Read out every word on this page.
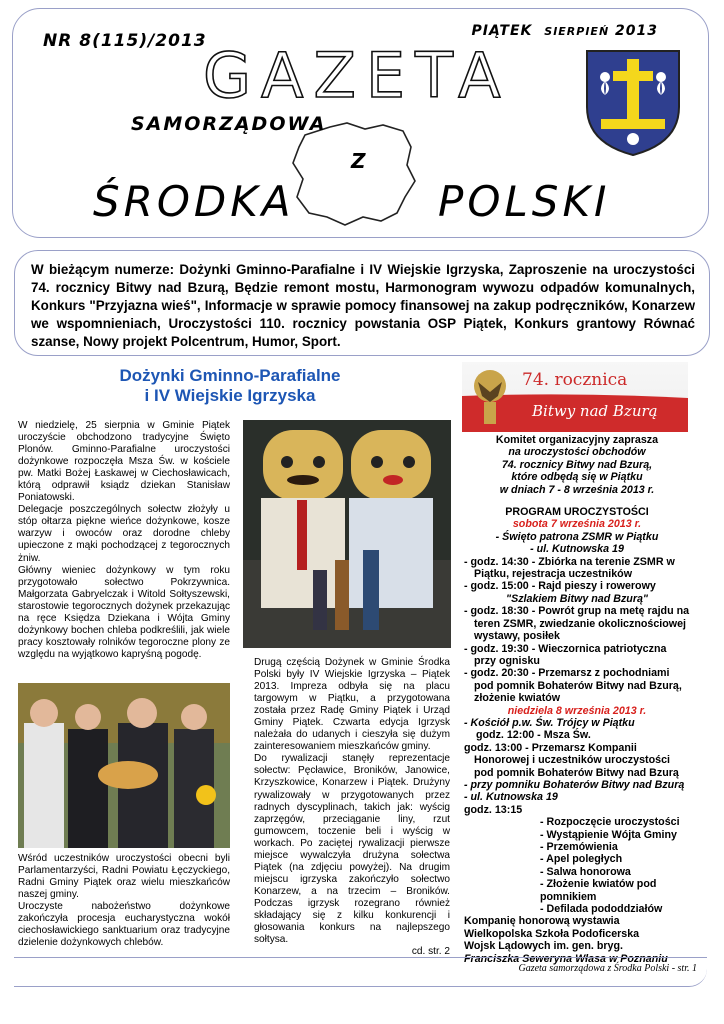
NR 8(115)/2013	PIĄTEK SIERPIEŃ 2013
GAZETA
SAMORZĄDOWA
Z
ŚRODKA	POLSKI
W bieżącym numerze: Dożynki Gminno-Parafialne i IV Wiejskie Igrzyska, Zaproszenie na uroczystości 74. rocznicy Bitwy nad Bzurą, Będzie remont mostu, Harmonogram wywozu odpadów komunalnych, Konkurs "Przyjazna wieś", Informacje w sprawie pomocy finansowej na zakup podręczników, Konarzew we wspomnieniach, Uroczystości 110. rocznicy powstania OSP Piątek, Konkurs grantowy Równać szanse, Nowy projekt Polcentrum, Humor, Sport.
Dożynki Gminno-Parafialne
i IV Wiejskie Igrzyska

W niedzielę, 25 sierpnia w Gminie Piątek uroczyście obchodzono tradycyjne Święto Plonów. Gminno-Parafialne uroczystości dożynkowe rozpoczęła Msza Św. w kościele pw. Matki Bożej Łaskawej w Ciechosławicach, którą odprawił ksiądz dziekan Stanisław Poniatowski.

Delegacje poszczególnych sołectw złożyły u stóp ołtarza piękne wieńce dożynkowe, kosze warzyw i owoców oraz dorodne chleby upieczone z mąki pochodzącej z tegorocznych żniw.

Główny wieniec dożynkowy w tym roku przygotowało sołectwo Pokrzywnica. Małgorzata Gabryelczak i Witold Sołtyszewski, starostowie tegorocznych dożynek przekazując na ręce Księdza Dziekana i Wójta Gminy dożynkowy bochen chleba podkreślili, jak wiele pracy kosztowały rolników tegoroczne plony ze względu na wyjątkowo kapryśną pogodę.

Wśród uczestników uroczystości obecni byli Parlamentarzyści, Radni Powiatu Łęczyckiego, Radni Gminy Piątek oraz wielu mieszkańców naszej gminy.

Uroczyste nabożeństwo dożynkowe zakończyła procesja eucharystyczna wokół ciechosławickiego sanktuarium oraz tradycyjne dzielenie dożynkowych chlebów.

Drugą częścią Dożynek w Gminie Środka Polski były IV Wiejskie Igrzyska – Piątek 2013. Impreza odbyła się na placu targowym w Piątku, a przygotowana została przez Radę Gminy Piątek i Urząd Gminy Piątek. Czwarta edycja Igrzysk należała do udanych i cieszyła się dużym zainteresowaniem mieszkańców gminy.

Do rywalizacji stanęły reprezentacje sołectw: Pęcławice, Broników, Janowice, Krzyszkowice, Konarzew i Piątek. Drużyny rywalizowały w przygotowanych przez radnych dyscyplinach, takich jak: wyścig zaprzęgów, przeciąganie liny, rzut gumowcem, toczenie beli i wyścig w workach. Po zaciętej rywalizacji pierwsze miejsce wywalczyła drużyna sołectwa Piątek (na zdjęciu powyżej). Na drugim miejscu igrzyska zakończyło sołectwo Konarzew, a na trzecim – Broników. Podczas igrzysk rozegrano również składający się z kilku konkurencji i głosowania konkurs na najlepszego sołtysa.

cd. str. 2

74. rocznica
Bitwy nad Bzurą
Komitet organizacyjny zaprasza
na uroczystości obchodów
74. rocznicy Bitwy nad Bzurą,
które odbędą się w Piątku
w dniach 7 - 8 września 2013 r.
PROGRAM UROCZYSTOŚCI
sobota 7 września 2013 r.
- Święto patrona ZSMR w Piątku
- ul. Kutnowska 19
- godz. 14:30 - Zbiórka na terenie ZSMR w Piątku, rejestracja uczestników
- godz. 15:00 - Rajd pieszy i rowerowy
"Szlakiem Bitwy nad Bzurą"
- godz. 18:30 - Powrót grup na metę rajdu na teren ZSMR, zwiedzanie okolicznościowej wystawy, posiłek
- godz. 19:30 - Wieczornica patriotyczna przy ognisku
- godz. 20:30 - Przemarsz z pochodniami pod pomnik Bohaterów Bitwy nad Bzurą, złożenie kwiatów
niedziela 8 września 2013 r.
- Kościół p.w. Św. Trójcy w Piątku
godz. 12:00 - Msza Św.
godz. 13:00 - Przemarsz Kompanii Honorowej i uczestników uroczystości pod pomnik Bohaterów Bitwy nad Bzurą
- przy pomniku Bohaterów Bitwy nad Bzurą - ul. Kutnowska 19
godz. 13:15
- Rozpoczęcie uroczystości
- Wystąpienie Wójta Gminy
- Przemówienia
- Apel poległych
- Salwa honorowa
- Złożenie kwiatów pod pomnikiem
- Defilada pododdziałów
Kompanię honorową wystawia
Wielkopolska Szkoła Podoficerska
Wojsk Lądowych im. gen. bryg.
Franciszka Seweryna Własa w Poznaniu
Gazeta samorządowa z Środka Polski - str. 1
